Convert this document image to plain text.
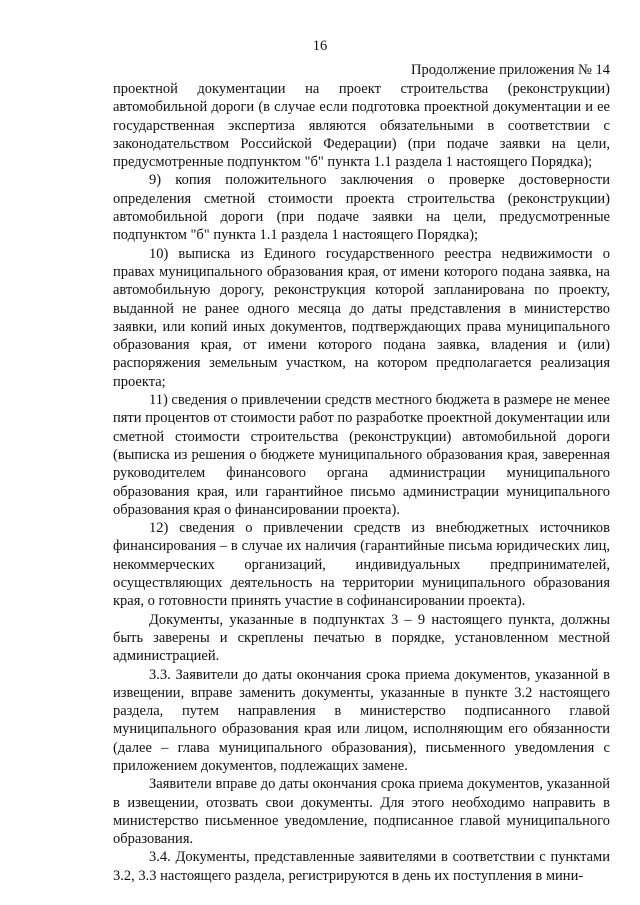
16
Продолжение приложения № 14

проектной документации на проект строительства (реконструкции) автомобильной дороги (в случае если подготовка проектной документации и ее государственная экспертиза являются обязательными в соответствии с законодательством Российской Федерации) (при подаче заявки на цели, предусмотренные подпунктом "б" пункта 1.1 раздела 1 настоящего Порядка);

9) копия положительного заключения о проверке достоверности определения сметной стоимости проекта строительства (реконструкции) автомобильной дороги (при подаче заявки на цели, предусмотренные подпунктом "б" пункта 1.1 раздела 1 настоящего Порядка);

10) выписка из Единого государственного реестра недвижимости о правах муниципального образования края, от имени которого подана заявка, на автомобильную дорогу, реконструкция которой запланирована по проекту, выданной не ранее одного месяца до даты представления в министерство заявки, или копий иных документов, подтверждающих права муниципального образования края, от имени которого подана заявка, владения и (или) распоряжения земельным участком, на котором предполагается реализация проекта;

11) сведения о привлечении средств местного бюджета в размере не менее пяти процентов от стоимости работ по разработке проектной документации или сметной стоимости строительства (реконструкции) автомобильной дороги (выписка из решения о бюджете муниципального образования края, заверенная руководителем финансового органа администрации муниципального образования края, или гарантийное письмо администрации муниципального образования края о финансировании проекта).

12) сведения о привлечении средств из внебюджетных источников финансирования – в случае их наличия (гарантийные письма юридических лиц, некоммерческих организаций, индивидуальных предпринимателей, осуществляющих деятельность на территории муниципального образования края, о готовности принять участие в софинансировании проекта).

Документы, указанные в подпунктах 3 – 9 настоящего пункта, должны быть заверены и скреплены печатью в порядке, установленном местной администрацией.

3.3. Заявители до даты окончания срока приема документов, указанной в извещении, вправе заменить документы, указанные в пункте 3.2 настоящего раздела, путем направления в министерство подписанного главой муниципального образования края или лицом, исполняющим его обязанности (далее – глава муниципального образования), письменного уведомления с приложением документов, подлежащих замене.

Заявители вправе до даты окончания срока приема документов, указанной в извещении, отозвать свои документы. Для этого необходимо направить в министерство письменное уведомление, подписанное главой муниципального образования.

3.4. Документы, представленные заявителями в соответствии с пунктами 3.2, 3.3 настоящего раздела, регистрируются в день их поступления в мини-
